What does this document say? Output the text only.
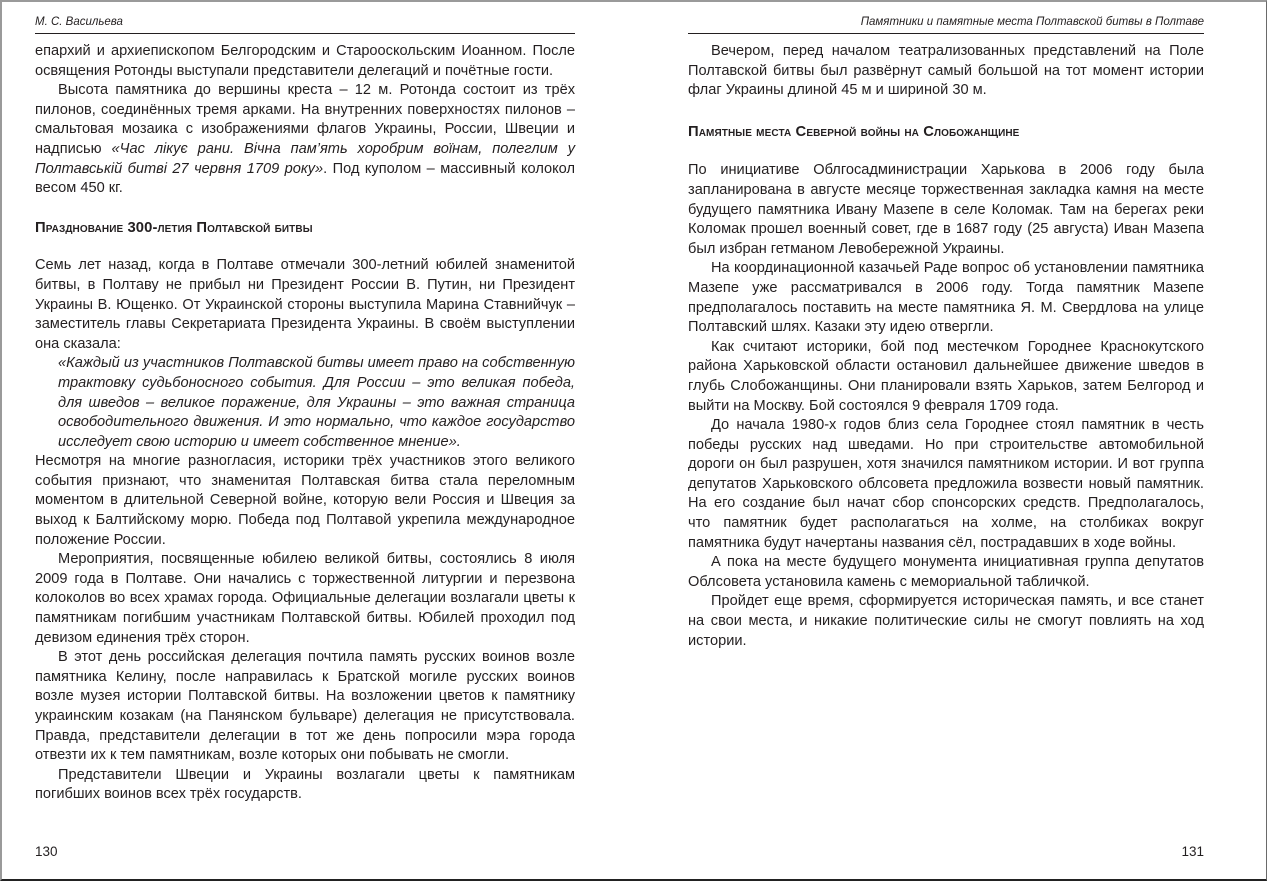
М. С. Васильева

епархий и архиепископом Белгородским и Старооскольским Иоанном. После освящения Ротонды выступали представители делегаций и почётные гости.

Высота памятника до вершины креста – 12 м. Ротонда состоит из трёх пилонов, соединённых тремя арками. На внутренних поверхностях пилонов – смальтовая мозаика с изображениями флагов Украины, России, Швеции и надписью «Час лікує рани. Вічна пам’ять хоробрим воїнам, полеглим у Полтавській битві 27 червня 1709 року». Под куполом – массивный колокол весом 450 кг.

Празднование 300-летия Полтавской битвы

Семь лет назад, когда в Полтаве отмечали 300-летний юбилей знаменитой битвы, в Полтаву не прибыл ни Президент России В. Путин, ни Президент Украины В. Ющенко. От Украинской стороны выступила Марина Ставнийчук – заместитель главы Секретариата Президента Украины. В своём выступлении она сказала:

«Каждый из участников Полтавской битвы имеет право на собственную трактовку судьбоносного события. Для России – это великая победа, для шведов – великое поражение, для Украины – это важная страница освободительного движения. И это нормально, что каждое государство исследует свою историю и имеет собственное мнение».

Несмотря на многие разногласия, историки трёх участников этого великого события признают, что знаменитая Полтавская битва стала переломным моментом в длительной Северной войне, которую вели Россия и Швеция за выход к Балтийскому морю. Победа под Полтавой укрепила международное положение России.

Мероприятия, посвященные юбилею великой битвы, состоялись 8 июля 2009 года в Полтаве. Они начались с торжественной литургии и перезвона колоколов во всех храмах города. Официальные делегации возлагали цветы к памятникам погибшим участникам Полтавской битвы. Юбилей проходил под девизом единения трёх сторон.

В этот день российская делегация почтила память русских воинов возле памятника Келину, после направилась к Братской могиле русских воинов возле музея истории Полтавской битвы. На возложении цветов к памятнику украинским козакам (на Панянском бульваре) делегация не присутствовала. Правда, представители делегации в тот же день попросили мэра города отвезти их к тем памятникам, возле которых они побывать не смогли.

Представители Швеции и Украины возлагали цветы к памятникам погибших воинов всех трёх государств.

130
Памятники и памятные места Полтавской битвы в Полтаве

Вечером, перед началом театрализованных представлений на Поле Полтавской битвы был развёрнут самый большой на тот момент истории флаг Украины длиной 45 м и шириной 30 м.

Памятные места Северной войны на Слобожанщине

По инициативе Облгосадминистрации Харькова в 2006 году была запланирована в августе месяце торжественная закладка камня на месте будущего памятника Ивану Мазепе в селе Коломак. Там на берегах реки Коломак прошел военный совет, где в 1687 году (25 августа) Иван Мазепа был избран гетманом Левобережной Украины.

На координационной казачьей Раде вопрос об установлении памятника Мазепе уже рассматривался в 2006 году. Тогда памятник Мазепе предполагалось поставить на месте памятника Я. М. Свердлова на улице Полтавский шлях. Казаки эту идею отвергли.

Как считают историки, бой под местечком Городнее Краснокутского района Харьковской области остановил дальнейшее движение шведов в глубь Слобожанщины. Они планировали взять Харьков, затем Белгород и выйти на Москву. Бой состоялся 9 февраля 1709 года.

До начала 1980-х годов близ села Городнее стоял памятник в честь победы русских над шведами. Но при строительстве автомобильной дороги он был разрушен, хотя значился памятником истории. И вот группа депутатов Харьковского облсовета предложила возвести новый памятник. На его создание был начат сбор спонсорских средств. Предполагалось, что памятник будет располагаться на холме, на столбиках вокруг памятника будут начертаны названия сёл, пострадавших в ходе войны.

А пока на месте будущего монумента инициативная группа депутатов Облсовета установила камень с мемориальной табличкой.

Пройдет еще время, сформируется историческая память, и все станет на свои места, и никакие политические силы не смогут повлиять на ход истории.

131
